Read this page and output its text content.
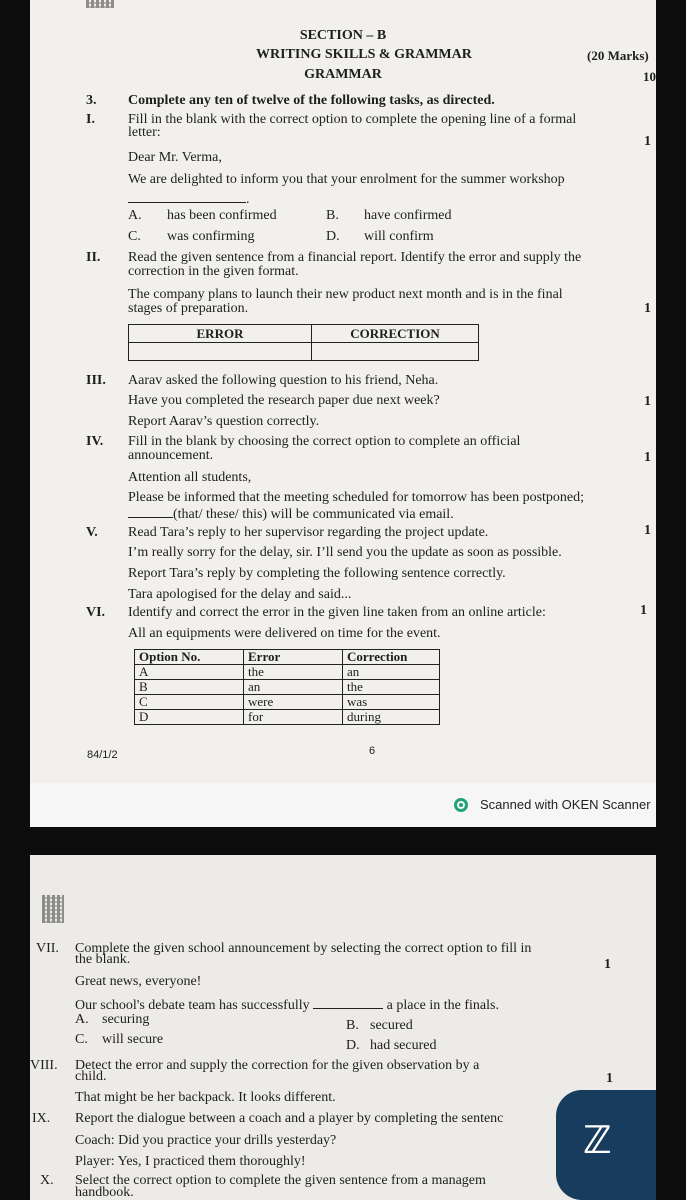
SECTION – B
WRITING SKILLS & GRAMMAR	(20 Marks)
GRAMMAR	10
3. Complete any ten of twelve of the following tasks, as directed.
I. Fill in the blank with the correct option to complete the opening line of a formal
letter:
1
Dear Mr. Verma,
We are delighted to inform you that your enrolment for the summer workshop
.
A. has been confirmed	B. have confirmed
C. was confirming	D. will confirm
II. Read the given sentence from a financial report. Identify the error and supply the
correction in the given format.
The company plans to launch their new product next month and is in the final
stages of preparation.	1
ERROR	CORRECTION

III. Aarav asked the following question to his friend, Neha.
Have you completed the research paper due next week?	1
Report Aarav’s question correctly.
IV. Fill in the blank by choosing the correct option to complete an official
announcement.	1
Attention all students,
Please be informed that the meeting scheduled for tomorrow has been postponed;
(that/ these/ this) will be communicated via email.
V. Read Tara’s reply to her supervisor regarding the project update.	1
I’m really sorry for the delay, sir. I’ll send you the update as soon as possible.
Report Tara’s reply by completing the following sentence correctly.
Tara apologised for the delay and said...
VI. Identify and correct the error in the given line taken from an online article:	1
All an equipments were delivered on time for the event.
Option No.	Error	Correction
A	the	an
B	an	the
C	were	was
D	for	during
84/1/2	6
Scanned with OKEN Scanner
VII. Complete the given school announcement by selecting the correct option to fill in
the blank.	1
Great news, everyone!
Our school's debate team has successfully	a place in the finals.
A. securing	B. secured
C. will secure	D. had secured
VIII. Detect the error and supply the correction for the given observation by a
child.	1
That might be her backpack. It looks different.
IX. Report the dialogue between a coach and a player by completing the sentenc
Coach: Did you practice your drills yesterday?
Player: Yes, I practiced them thoroughly!
X. Select the correct option to complete the given sentence from a managem
handbook.
ℤ
